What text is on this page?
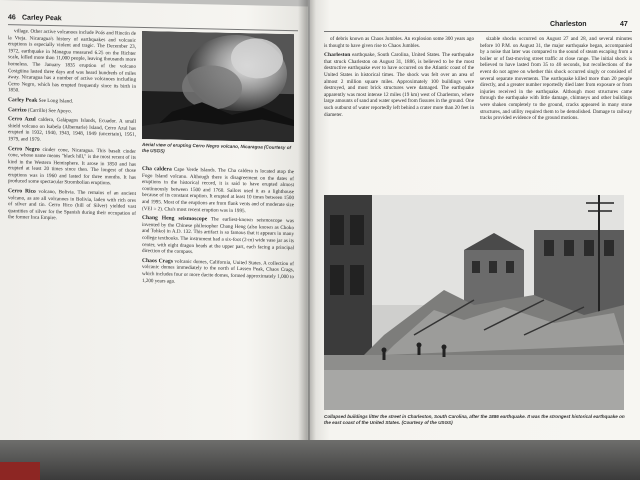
46 Carley Peak

village. Other active volcanoes include Poás and Rincón de la Vieja. Nicaragua's history of earthquakes and volcanic eruptions is especially violent and tragic. The December 23, 1972, earthquake in Managua measured 6.25 on the Richter scale, killed more than 11,000 people, leaving thousands more homeless. The January 1835 eruption of the volcano Cosigüina lasted three days and was heard hundreds of miles away. Nicaragua has a number of active volcanoes including Cerro Negro, which has erupted frequently since its birth in 1850.

Carley Peak See Long Island.
Carrizo (Carrillo) See Apoyo.
Cerro Azul caldera, Galápagos Islands, Ecuador. A small shield volcano on Isabela (Albemarle) Island, Cerro Azul has erupted in 1932, 1940, 1943, 1948, 1949 (uncertain), 1951, 1979, and 1979.
Cerro Negro cinder cone, Nicaragua. This basalt cinder cone, whose name means "black hill," is the most recent of its kind in the Western Hemisphere. It arose in 1850 and has erupted at least 20 times since then. The longest of those eruptions was in 1960 and lasted for three months. It has produced some spectacular Strombolian eruptions.
Cerro Rico volcano, Bolivia. The remains of an ancient volcano, as are all volcanoes in Bolivia, laden with rich ores of silver and tin. Cerro Rico (hill of Silver) yielded vast quantities of silver for the Spanish during their occupation of the former Inca Empire.
Aerial view of erupting Cerro Negro volcano, Nicaragua (Courtesy of the USGS)
Cha caldera Cape Verde Islands. The Cha caldera is located atop the Fogo Island volcano. Although there is disagreement on the dates of eruptions in the historical record, it is said to have erupted almost continuously between 1500 and 1760. Sailors used it as a lighthouse because of its constant eruption. It erupted at least 10 times between 1500 and 1995. Most of the eruptions are from flank vents and of moderate size (VEI = 2). Cha's most recent eruption was in 1995.
Chang Heng seismoscope The earliest-known seismoscope was invented by the Chinese philosopher Chang Heng (also known as Choko and Tohko) in A.D. 132. This artifact is so famous that it appears in many college textbooks. The instrument had a six-foot (2-m) wide vase jar as its center, with eight dragon heads at the upper part, each facing a principal direction of the compass.
Chaos Crags volcanic domes, California, United States. A collection of volcanic domes immediately to the north of Lassen Peak, Chaos Crags, which includes four or more dacite domes, formed approximately 1,000 to 1,200 years ago.
Charleston	47

of debris known as Chaos Jumbles. An explosion some 300 years ago is thought to have given rise to Chaos Jumbles.

Charleston earthquake, South Carolina, United States. The earthquake that struck Charleston on August 31, 1886, is believed to be the most destructive earthquake ever to have occurred on the Atlantic coast of the United States in historical times. The shock was felt over an area of almost 2 million square miles. Approximately 100 buildings were destroyed, and most brick structures were damaged. The earthquake apparently was most intense 12 miles (19 km) west of Charleston, where large amounts of sand and water spewed from fissures in the ground. One such outburst of water reportedly left behind a crater more than 20 feet in diameter.

sizable shocks occurred on August 27 and 28, and several minutes before 10 P.M. on August 31, the major earthquake began, accompanied by a noise that later was compared to the sound of steam escaping from a boiler or of fast-moving street traffic at close range. The initial shock is believed to have lasted from 35 to 40 seconds, but recollections of the event do not agree on whether this shock occurred singly or consisted of several separate movements. The earthquake killed more than 20 people directly, and a greater number reportedly died later from exposure or from injuries received in the earthquake. Although most structures came through the earthquake with little damage, chimneys and other buildings were shaken completely to the ground, cracks appeared in many stone structures, and utility required them to be demolished. Damage to railway tracks provided evidence of the ground motions.

Collapsed buildings litter the street in Charleston, South Carolina, after the 1886 earthquake. It was the strongest historical earthquake on the east coast of the United States. (Courtesy of the USGS)
